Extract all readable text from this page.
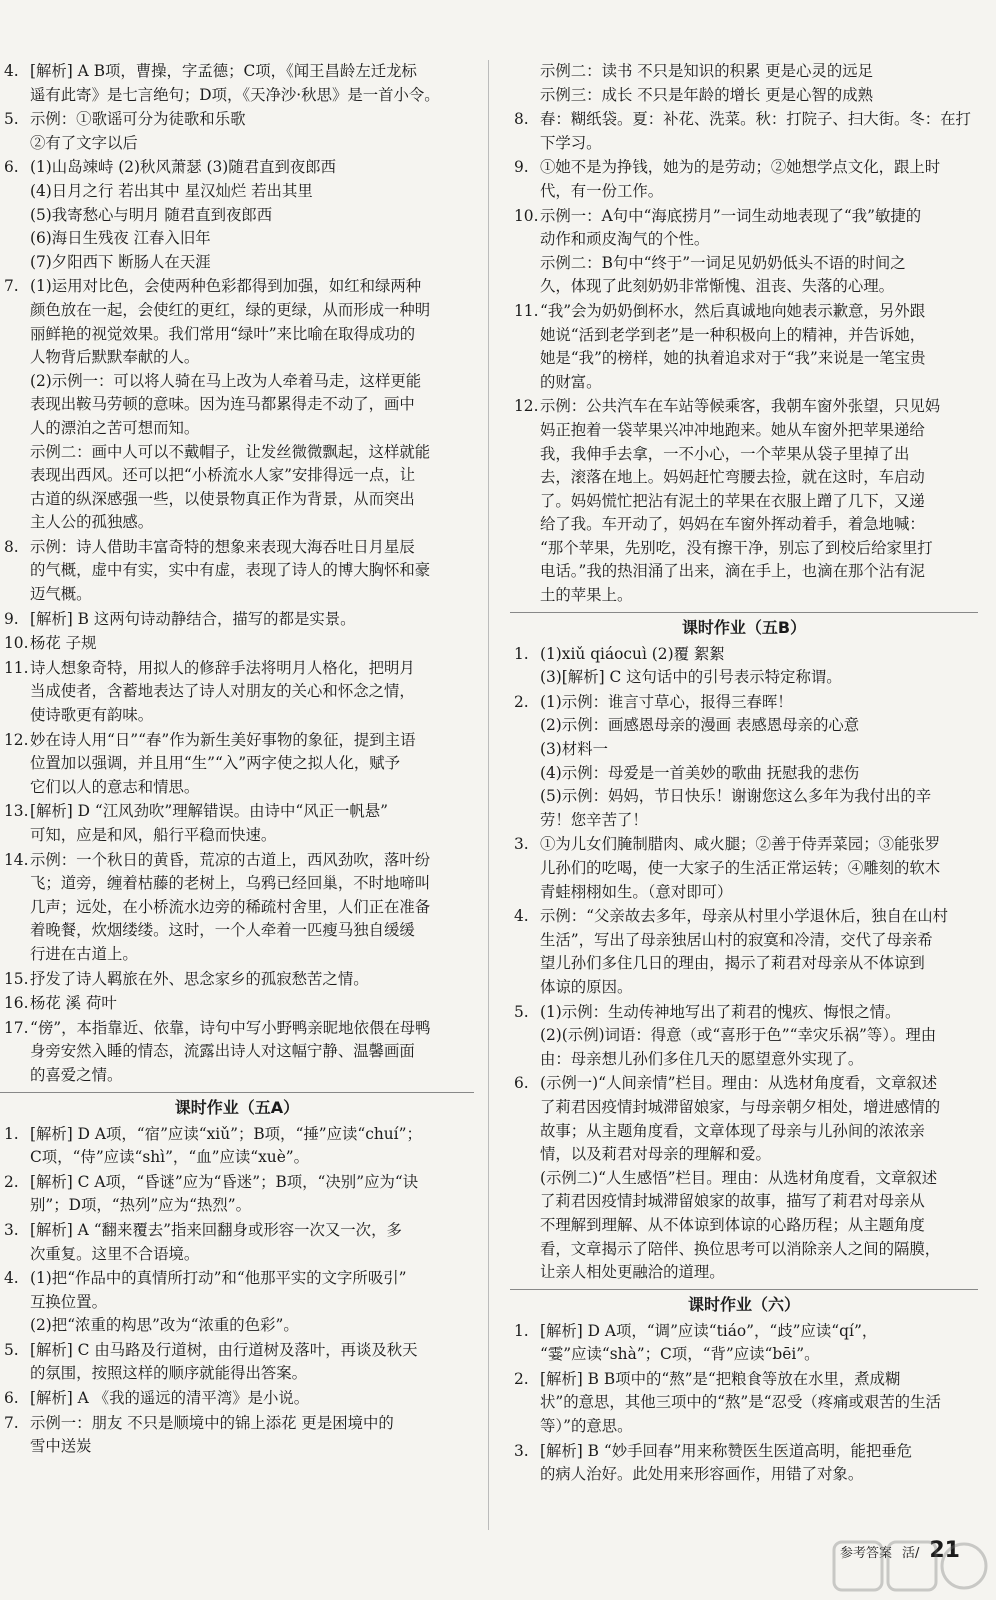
4. [解析] A B项，曹操，字孟德；C项，《闻王昌龄左迁龙标
遥有此寄》是七言绝句；D项，《天净沙·秋思》是一首小令。
5. 示例：①歌谣可分为徒歌和乐歌
②有了文字以后
6. (1)山岛竦峙 (2)秋风萧瑟 (3)随君直到夜郎西
(4)日月之行 若出其中 星汉灿烂 若出其里
(5)我寄愁心与明月 随君直到夜郎西
(6)海日生残夜 江春入旧年
(7)夕阳西下 断肠人在天涯
7. (1)运用对比色，会使两种色彩都得到加强，如红和绿两种
颜色放在一起，会使红的更红，绿的更绿，从而形成一种明
丽鲜艳的视觉效果。我们常用“绿叶”来比喻在取得成功的
人物背后默默奉献的人。
(2)示例一：可以将人骑在马上改为人牵着马走，这样更能
表现出鞍马劳顿的意味。因为连马都累得走不动了，画中
人的漂泊之苦可想而知。
示例二：画中人可以不戴帽子，让发丝微微飘起，这样就能
表现出西风。还可以把“小桥流水人家”安排得远一点，让
古道的纵深感强一些，以使景物真正作为背景，从而突出
主人公的孤独感。
8. 示例：诗人借助丰富奇特的想象来表现大海吞吐日月星辰
的气概，虚中有实，实中有虚，表现了诗人的博大胸怀和豪
迈气概。
9. [解析] B 这两句诗动静结合，描写的都是实景。
10. 杨花 子规
11. 诗人想象奇特，用拟人的修辞手法将明月人格化，把明月
当成使者，含蓄地表达了诗人对朋友的关心和怀念之情，
使诗歌更有韵味。
12. 妙在诗人用“日”“春”作为新生美好事物的象征，提到主语
位置加以强调，并且用“生”“入”两字使之拟人化，赋予
它们以人的意志和情思。
13. [解析] D “江风劲吹”理解错误。由诗中“风正一帆悬”
可知，应是和风，船行平稳而快速。
14. 示例：一个秋日的黄昏，荒凉的古道上，西风劲吹，落叶纷
飞；道旁，缠着枯藤的老树上，乌鸦已经回巢，不时地啼叫
几声；远处，在小桥流水边旁的稀疏村舍里，人们正在准备
着晚餐，炊烟缕缕。这时，一个人牵着一匹瘦马独自缓缓
行进在古道上。
15. 抒发了诗人羁旅在外、思念家乡的孤寂愁苦之情。
16. 杨花 溪 荷叶
17. “傍”，本指靠近、依靠，诗句中写小野鸭亲昵地依偎在母鸭
身旁安然入睡的情态，流露出诗人对这幅宁静、温馨画面
的喜爱之情。
课时作业（五A）
1. [解析] D A项，“宿”应读“xiǔ”；B项，“捶”应读“chuí”；
C项，“侍”应读“shì”，“血”应读“xuè”。
2. [解析] C A项，“昏谜”应为“昏迷”；B项，“决别”应为“诀
别”；D项，“热列”应为“热烈”。
3. [解析] A “翻来覆去”指来回翻身或形容一次又一次，多
次重复。这里不合语境。
4. (1)把“作品中的真情所打动”和“他那平实的文字所吸引”
互换位置。
(2)把“浓重的构思”改为“浓重的色彩”。
5. [解析] C 由马路及行道树，由行道树及落叶，再谈及秋天
的氛围，按照这样的顺序就能得出答案。
6. [解析] A 《我的遥远的清平湾》是小说。
7. 示例一：朋友 不只是顺境中的锦上添花 更是困境中的
雪中送炭
示例二：读书 不只是知识的积累 更是心灵的远足
示例三：成长 不只是年龄的增长 更是心智的成熟
8. 春：糊纸袋。夏：补花、洗菜。秋：打院子、扫大街。冬：在打
下学习。
9. ①她不是为挣钱，她为的是劳动；②她想学点文化，跟上时
代，有一份工作。
10. 示例一：A句中“海底捞月”一词生动地表现了“我”敏捷的
动作和顽皮淘气的个性。
示例二：B句中“终于”一词足见奶奶低头不语的时间之
久，体现了此刻奶奶非常惭愧、沮丧、失落的心理。
11. “我”会为奶奶倒杯水，然后真诚地向她表示歉意，另外跟
她说“活到老学到老”是一种积极向上的精神，并告诉她，
她是“我”的榜样，她的执着追求对于“我”来说是一笔宝贵
的财富。
12. 示例：公共汽车在车站等候乘客，我朝车窗外张望，只见妈
妈正抱着一袋苹果兴冲冲地跑来。她从车窗外把苹果递给
我，我伸手去拿，一不小心，一个苹果从袋子里掉了出
去，滚落在地上。妈妈赶忙弯腰去捡，就在这时，车启动
了。妈妈慌忙把沾有泥土的苹果在衣服上蹭了几下，又递
给了我。车开动了，妈妈在车窗外挥动着手，着急地喊：
“那个苹果，先别吃，没有擦干净，别忘了到校后给家里打
电话。”我的热泪涌了出来，滴在手上，也滴在那个沾有泥
土的苹果上。
课时作业（五B）
1. (1)xiǔ qiáocuì (2)覆 絮絮
(3)[解析] C 这句话中的引号表示特定称谓。
2. (1)示例：谁言寸草心，报得三春晖！
(2)示例：画感恩母亲的漫画 表感恩母亲的心意
(3)材料一
(4)示例：母爱是一首美妙的歌曲 抚慰我的悲伤
(5)示例：妈妈，节日快乐！谢谢您这么多年为我付出的辛
劳！您辛苦了！
3. ①为儿女们腌制腊肉、咸火腿；②善于侍弄菜园；③能张罗
儿孙们的吃喝，使一大家子的生活正常运转；④雕刻的软木
青蛙栩栩如生。（意对即可）
4. 示例：“父亲故去多年，母亲从村里小学退休后，独自在山村
生活”，写出了母亲独居山村的寂寞和冷清，交代了母亲希
望儿孙们多住几日的理由，揭示了莉君对母亲从不体谅到
体谅的原因。
5. (1)示例：生动传神地写出了莉君的愧疚、悔恨之情。
(2)(示例)词语：得意（或“喜形于色”“幸灾乐祸”等）。理由
由：母亲想儿孙们多住几天的愿望意外实现了。
6. (示例一)“人间亲情”栏目。理由：从选材角度看，文章叙述
了莉君因疫情封城滞留娘家，与母亲朝夕相处，增进感情的
故事；从主题角度看，文章体现了母亲与儿孙间的浓浓亲
情，以及莉君对母亲的理解和爱。
(示例二)“人生感悟”栏目。理由：从选材角度看，文章叙述
了莉君因疫情封城滞留娘家的故事，描写了莉君对母亲从
不理解到理解、从不体谅到体谅的心路历程；从主题角度
看，文章揭示了陪伴、换位思考可以消除亲人之间的隔膜，
让亲人相处更融洽的道理。
课时作业（六）
1. [解析] D A项，“调”应读“tiáo”，“歧”应读“qí”，
“霎”应读“shà”；C项，“背”应读“bēi”。
2. [解析] B B项中的“熬”是“把粮食等放在水里，煮成糊
状”的意思，其他三项中的“熬”是“忍受（疼痛或艰苦的生活
等）”的意思。
3. [解析] B “妙手回春”用来称赞医生医道高明，能把垂危
的病人治好。此处用来形容画作，用错了对象。
参考答案 活/ 21
